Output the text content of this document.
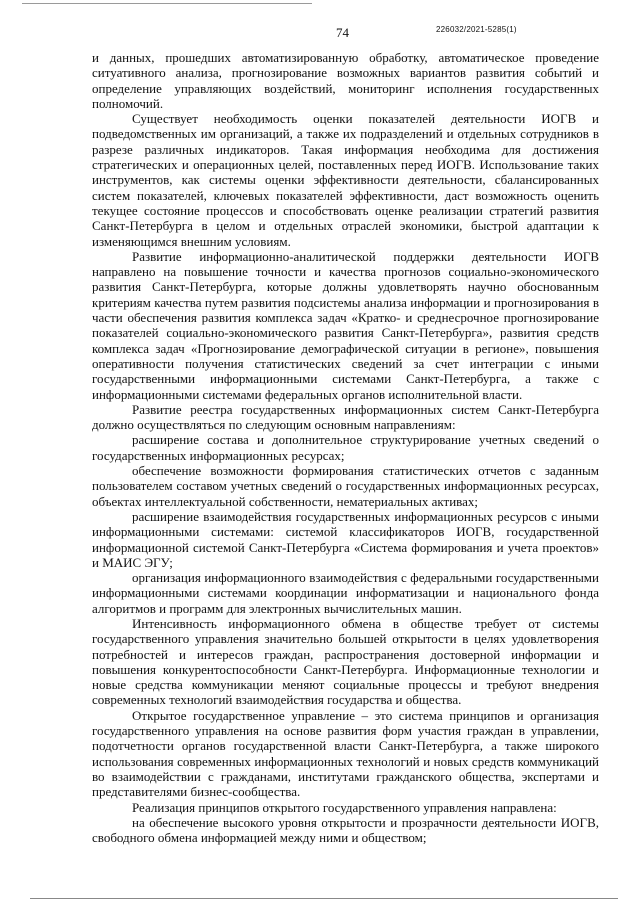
74	226032/2021-5285(1)

и данных, прошедших автоматизированную обработку, автоматическое проведение ситуативного анализа, прогнозирование возможных вариантов развития событий и определение управляющих воздействий, мониторинг исполнения государственных полномочий.

Существует необходимость оценки показателей деятельности ИОГВ и подведомственных им организаций, а также их подразделений и отдельных сотрудников в разрезе различных индикаторов. Такая информация необходима для достижения стратегических и операционных целей, поставленных перед ИОГВ. Использование таких инструментов, как системы оценки эффективности деятельности, сбалансированных систем показателей, ключевых показателей эффективности, даст возможность оценить текущее состояние процессов и способствовать оценке реализации стратегий развития Санкт-Петербурга в целом и отдельных отраслей экономики, быстрой адаптации к изменяющимся внешним условиям.

Развитие информационно-аналитической поддержки деятельности ИОГВ направлено на повышение точности и качества прогнозов социально-экономического развития Санкт-Петербурга, которые должны удовлетворять научно обоснованным критериям качества путем развития подсистемы анализа информации и прогнозирования в части обеспечения развития комплекса задач «Кратко- и среднесрочное прогнозирование показателей социально-экономического развития Санкт-Петербурга», развития средств комплекса задач «Прогнозирование демографической ситуации в регионе», повышения оперативности получения статистических сведений за счет интеграции с иными государственными информационными системами Санкт-Петербурга, а также с информационными системами федеральных органов исполнительной власти.

Развитие реестра государственных информационных систем Санкт-Петербурга должно осуществляться по следующим основным направлениям:

расширение состава и дополнительное структурирование учетных сведений о государственных информационных ресурсах;

обеспечение возможности формирования статистических отчетов с заданным пользователем составом учетных сведений о государственных информационных ресурсах, объектах интеллектуальной собственности, нематериальных активах;

расширение взаимодействия государственных информационных ресурсов с иными информационными системами: системой классификаторов ИОГВ, государственной информационной системой Санкт-Петербурга «Система формирования и учета проектов» и МАИС ЭГУ;

организация информационного взаимодействия с федеральными государственными информационными системами координации информатизации и национального фонда алгоритмов и программ для электронных вычислительных машин.

Интенсивность информационного обмена в обществе требует от системы государственного управления значительно большей открытости в целях удовлетворения потребностей и интересов граждан, распространения достоверной информации и повышения конкурентоспособности Санкт-Петербурга. Информационные технологии и новые средства коммуникации меняют социальные процессы и требуют внедрения современных технологий взаимодействия государства и общества.

Открытое государственное управление – это система принципов и организация государственного управления на основе развития форм участия граждан в управлении, подотчетности органов государственной власти Санкт-Петербурга, а также широкого использования современных информационных технологий и новых средств коммуникаций во взаимодействии с гражданами, институтами гражданского общества, экспертами и представителями бизнес-сообщества.

Реализация принципов открытого государственного управления направлена:

на обеспечение высокого уровня открытости и прозрачности деятельности ИОГВ, свободного обмена информацией между ними и обществом;
